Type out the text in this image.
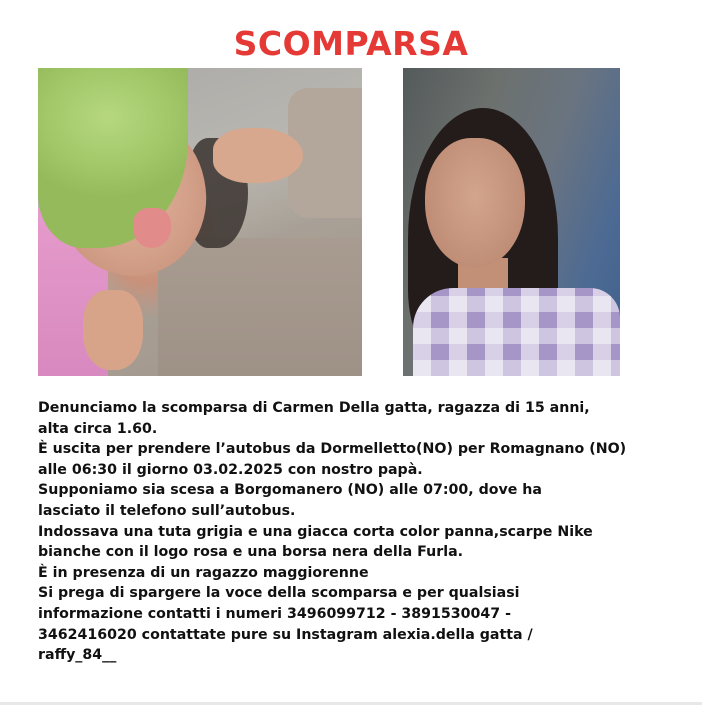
SCOMPARSA

Denunciamo la scomparsa di Carmen Della gatta, ragazza di 15 anni,

alta circa 1.60.

È uscita per prendere l’autobus da Dormelletto(NO) per Romagnano (NO)

alle 06:30 il giorno 03.02.2025 con nostro papà.

Supponiamo sia scesa a Borgomanero (NO) alle 07:00, dove ha

lasciato il telefono sull’autobus.

Indossava una tuta grigia e una giacca corta color panna,scarpe Nike

bianche con il logo rosa e una borsa nera della Furla.

È in presenza di un ragazzo maggiorenne

Si prega di spargere la voce della scomparsa e per qualsiasi

informazione contatti i numeri 3496099712 - 3891530047 -

3462416020 contattate pure su Instagram alexia.della gatta /

raffy_84__
